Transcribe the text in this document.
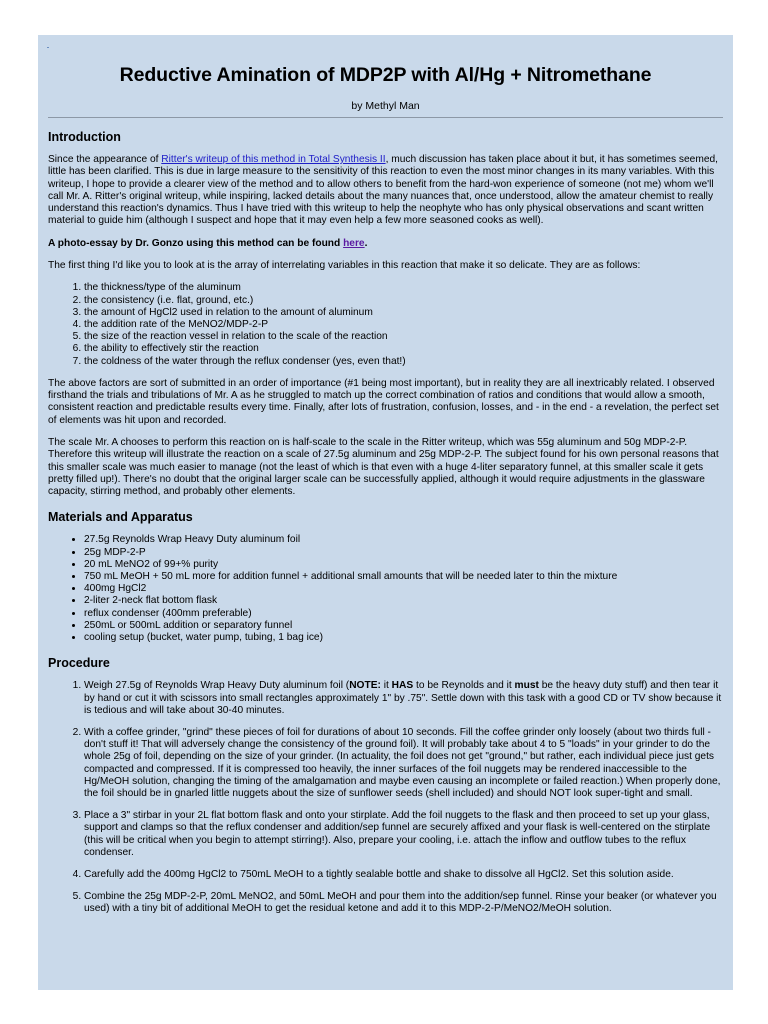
Reductive Amination of MDP2P with Al/Hg + Nitromethane
by Methyl Man
Introduction

Since the appearance of Ritter's writeup of this method in Total Synthesis II, much discussion has taken place about it but, it has sometimes seemed, little has been clarified. This is due in large measure to the sensitivity of this reaction to even the most minor changes in its many variables. With this writeup, I hope to provide a clearer view of the method and to allow others to benefit from the hard-won experience of someone (not me) whom we'll call Mr. A. Ritter's original writeup, while inspiring, lacked details about the many nuances that, once understood, allow the amateur chemist to really understand this reaction's dynamics. Thus I have tried with this writeup to help the neophyte who has only physical observations and scant written material to guide him (although I suspect and hope that it may even help a few more seasoned cooks as well).

A photo-essay by Dr. Gonzo using this method can be found here.

The first thing I'd like you to look at is the array of interrelating variables in this reaction that make it so delicate. They are as follows:

1. the thickness/type of the aluminum
2. the consistency (i.e. flat, ground, etc.)
3. the amount of HgCl2 used in relation to the amount of aluminum
4. the addition rate of the MeNO2/MDP-2-P
5. the size of the reaction vessel in relation to the scale of the reaction
6. the ability to effectively stir the reaction
7. the coldness of the water through the reflux condenser (yes, even that!)

The above factors are sort of submitted in an order of importance (#1 being most important), but in reality they are all inextricably related. I observed firsthand the trials and tribulations of Mr. A as he struggled to match up the correct combination of ratios and conditions that would allow a smooth, consistent reaction and predictable results every time. Finally, after lots of frustration, confusion, losses, and - in the end - a revelation, the perfect set of elements was hit upon and recorded.

The scale Mr. A chooses to perform this reaction on is half-scale to the scale in the Ritter writeup, which was 55g aluminum and 50g MDP-2-P. Therefore this writeup will illustrate the reaction on a scale of 27.5g aluminum and 25g MDP-2-P. The subject found for his own personal reasons that this smaller scale was much easier to manage (not the least of which is that even with a huge 4-liter separatory funnel, at this smaller scale it gets pretty filled up!). There's no doubt that the original larger scale can be successfully applied, although it would require adjustments in the glassware capacity, stirring method, and probably other elements.

Materials and Apparatus
• 27.5g Reynolds Wrap Heavy Duty aluminum foil
• 25g MDP-2-P
• 20 mL MeNO2 of 99+% purity
• 750 mL MeOH + 50 mL more for addition funnel + additional small amounts that will be needed later to thin the mixture
• 400mg HgCl2
• 2-liter 2-neck flat bottom flask
• reflux condenser (400mm preferable)
• 250mL or 500mL addition or separatory funnel
• cooling setup (bucket, water pump, tubing, 1 bag ice)
Procedure
1. Weigh 27.5g of Reynolds Wrap Heavy Duty aluminum foil (NOTE: it HAS to be Reynolds and it must be the heavy duty stuff) and then tear it by hand or cut it with scissors into small rectangles approximately 1" by .75". Settle down with this task with a good CD or TV show because it is tedious and will take about 30-40 minutes.
2. With a coffee grinder, "grind" these pieces of foil for durations of about 10 seconds. Fill the coffee grinder only loosely (about two thirds full - don't stuff it! That will adversely change the consistency of the ground foil). It will probably take about 4 to 5 "loads" in your grinder to do the whole 25g of foil, depending on the size of your grinder. (In actuality, the foil does not get "ground," but rather, each individual piece just gets compacted and compressed. If it is compressed too heavily, the inner surfaces of the foil nuggets may be rendered inaccessible to the Hg/MeOH solution, changing the timing of the amalgamation and maybe even causing an incomplete or failed reaction.) When properly done, the foil should be in gnarled little nuggets about the size of sunflower seeds (shell included) and should NOT look super-tight and small.
3. Place a 3" stirbar in your 2L flat bottom flask and onto your stirplate. Add the foil nuggets to the flask and then proceed to set up your glass, support and clamps so that the reflux condenser and addition/sep funnel are securely affixed and your flask is well-centered on the stirplate (this will be critical when you begin to attempt stirring!). Also, prepare your cooling, i.e. attach the inflow and outflow tubes to the reflux condenser.
4. Carefully add the 400mg HgCl2 to 750mL MeOH to a tightly sealable bottle and shake to dissolve all HgCl2. Set this solution aside.
5. Combine the 25g MDP-2-P, 20mL MeNO2, and 50mL MeOH and pour them into the addition/sep funnel. Rinse your beaker (or whatever you used) with a tiny bit of additional MeOH to get the residual ketone and add it to this MDP-2-P/MeNO2/MeOH solution.
